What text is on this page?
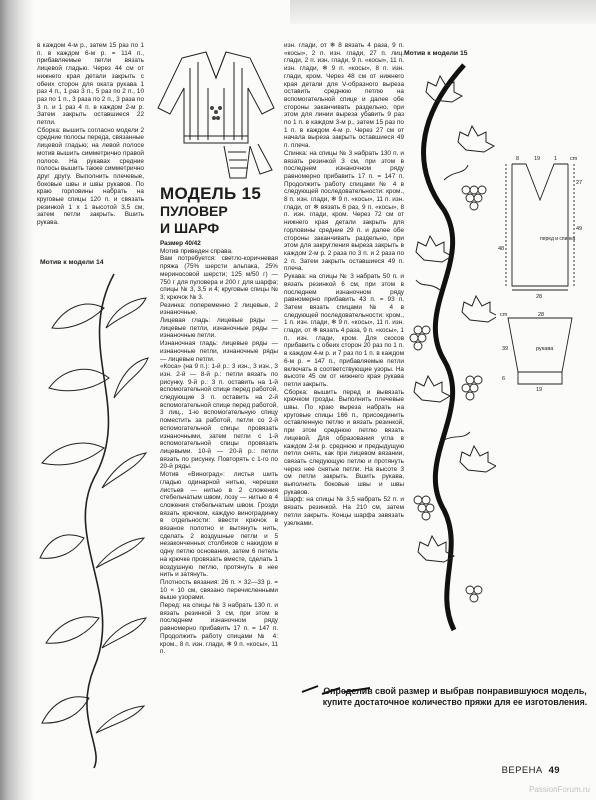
в каждом 4-м р., затем 15 раз по 1 п. в каждом 6-м р. = 114 п., прибавляемые петли вязать лицевой гладью. Через 44 см от нижнего края детали закрыть с обеих сторон для оката рукава 1 раз 4 п., 1 раз 3 п., 5 раз по 2 п., 10 раз по 1 п., 3 раза по 2 п., 3 раза по 3 п. и 1 раз 4 п. в каждом 2-м р. Затем закрыть оставшиеся 22 петли.

Сборка: вышить согласно модели 2 средние полосы переда, связанные лицевой гладью; на левой полосе мотив вышить симметрично правой полосе. На рукавах средние полосы вышить также симметрично друг другу. Выполнить плечевые, боковые швы и швы рукавов. По краю горловины набрать на круговые спицы 120 п. и связать резинкой 1 х 1 высотой 3,5 см, затем петли закрыть. Вшить рукава.

Мотив к модели 14
МОДЕЛЬ 15
ПУЛОВЕР
И ШАРФ

Размер 40/42

Мотив приведен справа.

Вам потребуется: светло-коричневая пряжа (75% шерсти альпака, 25% мериносовой шерсти; 125 м/50 г) — 750 г для пуловера и 200 г для шарфа; спицы № 3, 3,5 и 4; круговые спицы № 3; крючок № 3.

Резинка: попеременно 2 лицевые, 2 изнаночные.

Лицевая гладь: лицевые ряды — лицевые петли, изнаночные ряды — изнаночные петли.

Изнаночная гладь: лицевые ряды — изнаночные петли, изнаночные ряды — лицевые петли.

«Коса» (на 9 п.): 1-й р.: 3 изн., 3 изн., 3 изн. 2-й — 8-й р.: петли вязать по рисунку. 9-й р.: 3 п. оставить на 1-й вспомогательной спице перед работой, следующие 3 п. оставить на 2-й вспомогательной спице перед работой, 3 лиц., 1-ю вспомогательную спицу поместить за работой, петли со 2-й вспомогательной спицы провязать изнаночными, затем петли с 1-й вспомогательной спицы провязать лицевыми. 10-й — 20-й р.: петли вязать по рисунку. Повторять с 1-го по 20-й ряды.

Мотив «Виноград»: листья шить гладью одинарной нитью, черешки листьев — нитью в 2 сложения стебельчатым швом, лозу — нитью в 4 сложения стебельчатым швом. Грозди вязать крючком, каждую виноградинку в отдельности: ввести крючок в вязаное полотно и вытянуть нить, сделать 2 воздушные петли и 5 незаконченных столбиков с накидом в одну петлю основания, затем 6 петель на крючке провязать вместе, сделать 1 воздушную петлю, протянуть в нее нить и затянуть.

Плотность вязания: 26 п. × 32—33 р. = 10 × 10 см, связано перечисленными выше узорами.

Перед: на спицы № 3 набрать 130 п. и вязать резинкой 3 см, при этом в последнем изнаночном ряду равномерно прибавить 17 п. = 147 п. Продолжить работу спицами № 4: кром., 8 п. изн. глади, ❄ 9 п. «косы», 11 п.

изн. глади, от ❄ 8 вязать 4 раза, 9 п. «косы», 2 п. изн. глади, 27 п. лиц. глади, 2 п. изн. глади, 9 п. «косы», 11 п. изн. глади, ❄ 9 п. «косы», 8 п. изн. глади, кром. Через 48 см от нижнего края детали для V-образного выреза оставить среднюю петлю на вспомогательной спице и далее обе стороны заканчивать раздельно, при этом для линии выреза убавить 9 раз по 1 п. в каждом 3-м р., затем 15 раз по 1 п. в каждом 4-м р. Через 27 см от начала выреза закрыть оставшиеся 49 п. плеча.

Спинка: на спицы № 3 набрать 130 п. и вязать резинкой 3 см, при этом в последнем изнаночном ряду равномерно прибавить 17 п. = 147 п. Продолжить работу спицами № 4 в следующей последовательности: кром., 8 п. изн. глади, ❄ 9 п. «косы», 11 п. изн. глади, от ❄ вязать 6 раз, 9 п. «косы», 8 п. изн. глади, кром. Через 72 см от нижнего края детали закрыть для горловины средние 29 п. и далее обе стороны заканчивать раздельно, при этом для закругления выреза закрыть в каждом 2-м р. 2 раза по 3 п. и 2 раза по 2 п. Затем закрыть оставшиеся 49 п. плеча.

Рукава: на спицы № 3 набрать 50 п. и вязать резинкой 6 см, при этом в последнем изнаночном ряду равномерно прибавить 43 п. = 93 п. Затем вязать спицами № 4 в следующей последовательности: кром., 1 п. изн. глади, ❄ 9 п. «косы», 11 п. изн. глади, от ❄ вязать 4 раза, 9 п. «косы», 1 п. изн. глади, кром. Для скосов прибавить с обеих сторон 20 раз по 1 п. в каждом 4-м р. и 7 раз по 1 п. в каждом 6-м р. = 147 п., прибавляемые петли включать в соответствующие узоры. На высоте 45 см от нижнего края рукава петли закрыть.

Сборка: вышить перед и вывязать крючком грозды. Выполнить плечевые швы. По краю выреза набрать на круговые спицы 166 п., присоединить оставленную петлю и вязать резинкой, при этом среднюю петлю вязать лицевой. Для образования угла в каждом 2-м р. среднюю и предыдущую петли снять, как при лицевом вязании, связать следующую петлю и протянуть через нее снятые петли. На высоте 3 см петли закрыть. Вшить рукава, выполнить боковые швы и швы рукавов.

Шарф: на спицы № 3,5 набрать 52 п. и вязать резинкой. На 210 см, затем петли закрыть. Концы шарфа завязать узелками.

Мотив к модели 15
8	19	1 cm
27
49
перед и спинка
48
28
cm	28
39	рукава
6
19
Определив свой размер и выбрав понравившуюся модель, купите достаточное количество пряжи для ее изготовления.
ВЕРЕНА 49
PassionForum.ru
